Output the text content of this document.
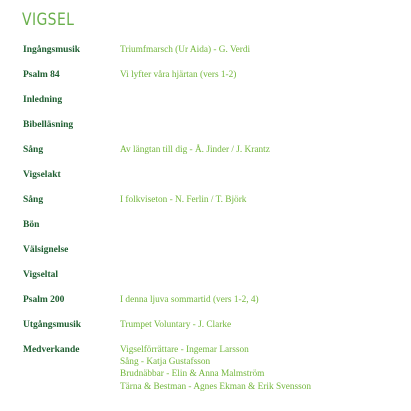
VIGSEL
Ingångsmusik	Triumfmarsch (Ur Aida) - G. Verdi
Psalm 84	Vi lyfter våra hjärtan (vers 1-2)
Inledning
Bibelläsning
Sång	Av längtan till dig - Å. Jinder / J. Krantz
Vigselakt
Sång	I folkviseton - N. Ferlin / T. Björk
Bön
Välsignelse
Vigseltal
Psalm 200	I denna ljuva sommartid (vers 1-2, 4)
Utgångsmusik	Trumpet Voluntary - J. Clarke
Medverkande	Vigselförrättare - Ingemar Larsson
Sång - Katja Gustafsson
Brudnäbbar - Elin & Anna Malmström
Tärna & Bestman - Agnes Ekman & Erik Svensson
